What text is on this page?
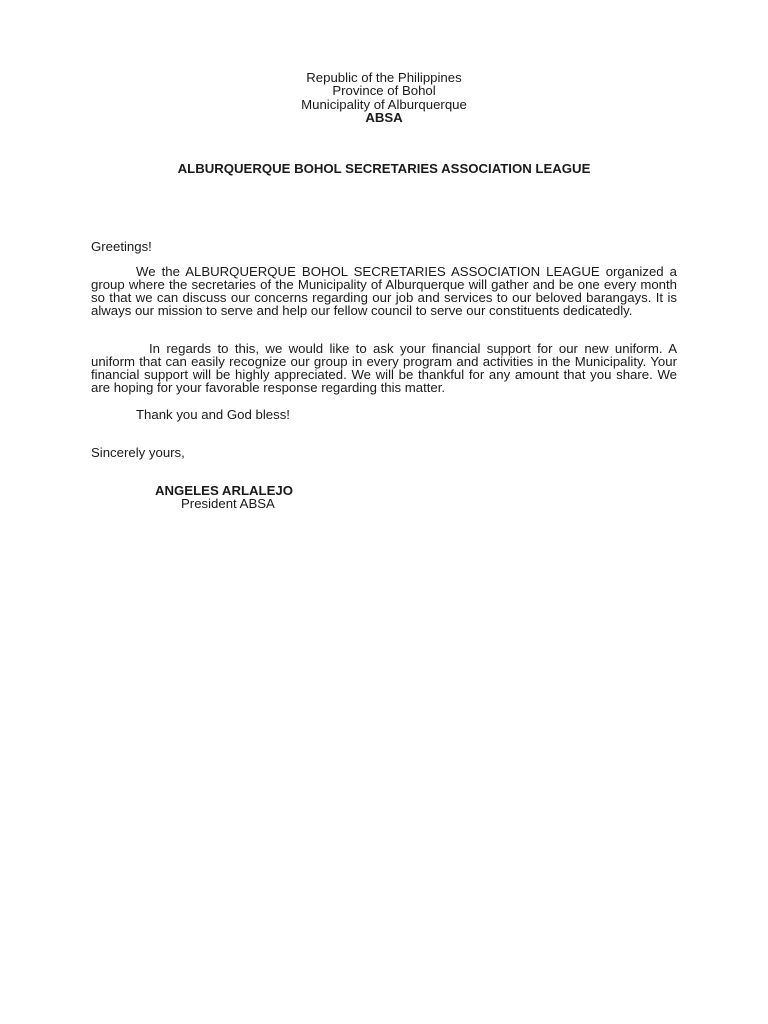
Republic of the Philippines
Province of Bohol
Municipality of Alburquerque
ABSA
ALBURQUERQUE BOHOL SECRETARIES ASSOCIATION LEAGUE
Greetings!
We the ALBURQUERQUE BOHOL SECRETARIES ASSOCIATION LEAGUE organized a group where the secretaries of the Municipality of Alburquerque will gather and be one every month so that we can discuss our concerns regarding our job and services to our beloved barangays. It is always our mission to serve and help our fellow council to serve our constituents dedicatedly.
In regards to this, we would like to ask your financial support for our new uniform. A uniform that can easily recognize our group in every program and activities in the Municipality. Your financial support will be highly appreciated. We will be thankful for any amount that you share. We are hoping for your favorable response regarding this matter.
Thank you and God bless!
Sincerely yours,
ANGELES ARLALEJO
President ABSA
